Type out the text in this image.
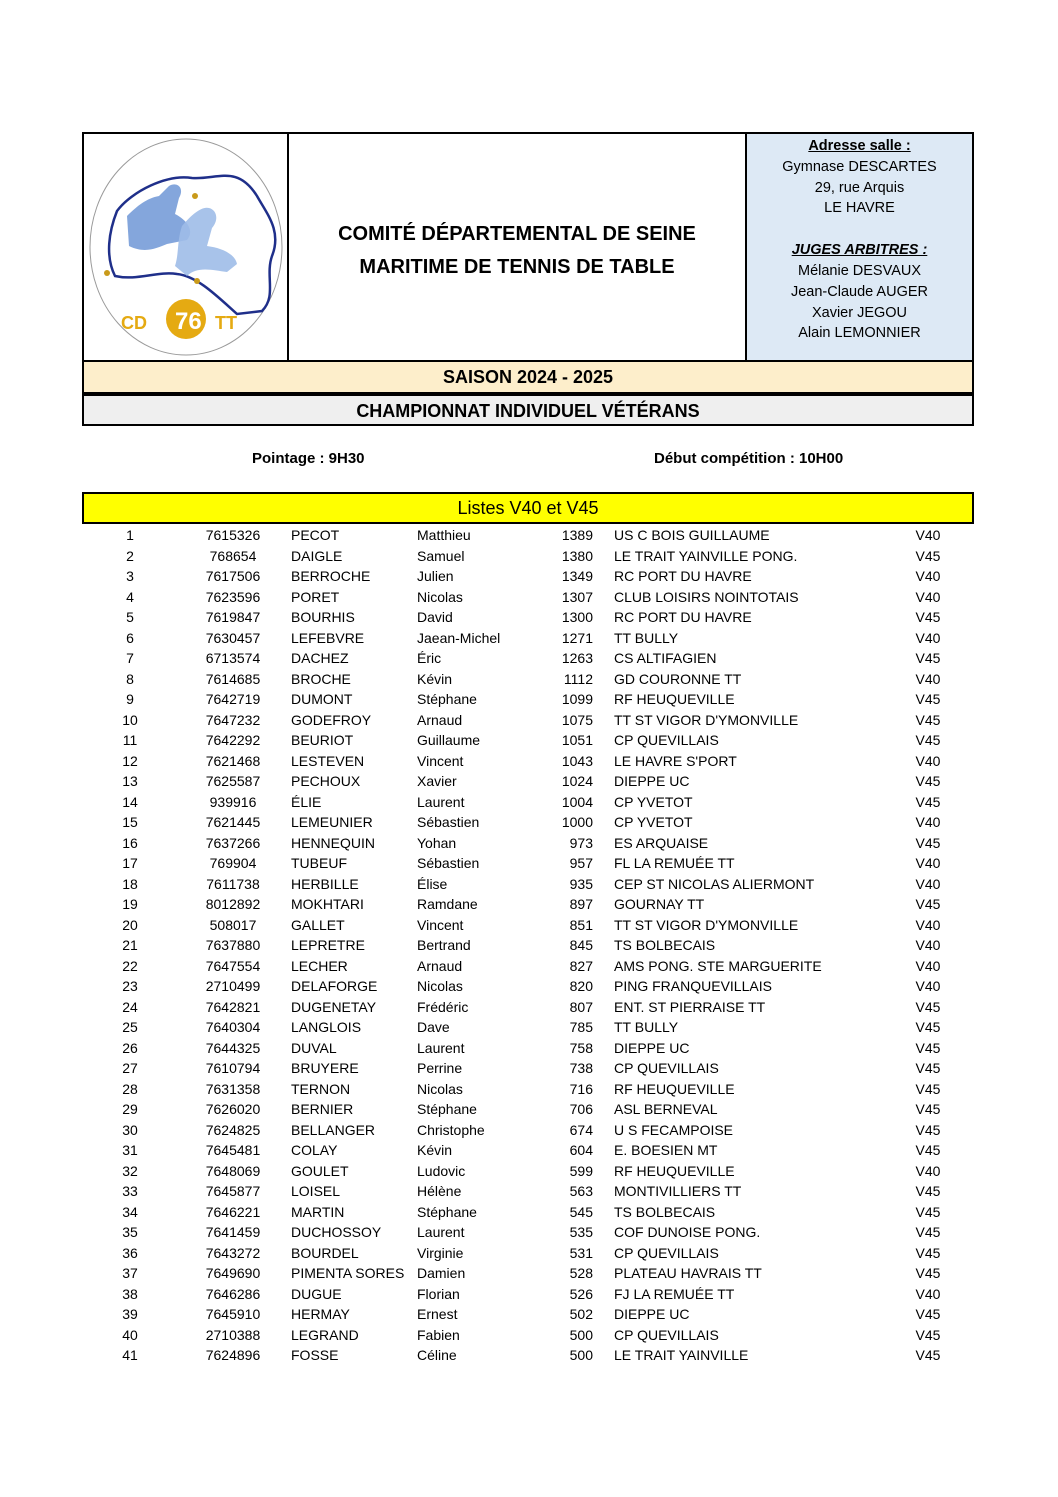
CD 76 TT
COMITÉ DÉPARTEMENTAL DE SEINE
MARITIME DE TENNIS DE TABLE
Adresse salle :
Gymnase DESCARTES
29, rue Arquis
LE HAVRE
JUGES ARBITRES :
Mélanie DESVAUX
Jean-Claude AUGER
Xavier JEGOU
Alain LEMONNIER
SAISON 2024 - 2025
CHAMPIONNAT INDIVIDUEL VÉTÉRANS
Pointage : 9H30	Début compétition : 10H00
Listes V40 et V45
1	7615326	PECOT	Matthieu	1389 US C BOIS GUILLAUME	V40
2	768654	DAIGLE	Samuel	1380 LE TRAIT YAINVILLE PONG.	V45
3	7617506	BERROCHE	Julien	1349 RC PORT DU HAVRE	V40
4	7623596	PORET	Nicolas	1307 CLUB LOISIRS NOINTOTAIS	V40
5	7619847	BOURHIS	David	1300 RC PORT DU HAVRE	V45
6	7630457	LEFEBVRE	Jaean-Michel	1271 TT BULLY	V40
7	6713574	DACHEZ	Éric	1263 CS ALTIFAGIEN	V45
8	7614685	BROCHE	Kévin	1112 GD COURONNE TT	V40
9	7642719	DUMONT	Stéphane	1099 RF HEUQUEVILLE	V45
10	7647232	GODEFROY	Arnaud	1075 TT ST VIGOR D'YMONVILLE	V45
11	7642292	BEURIOT	Guillaume	1051 CP QUEVILLAIS	V45
12	7621468	LESTEVEN	Vincent	1043 LE HAVRE S'PORT	V40
13	7625587	PECHOUX	Xavier	1024 DIEPPE UC	V45
14	939916	ÉLIE	Laurent	1004 CP YVETOT	V45
15	7621445	LEMEUNIER	Sébastien	1000 CP YVETOT	V40
16	7637266	HENNEQUIN	Yohan	973 ES ARQUAISE	V45
17	769904	TUBEUF	Sébastien	957 FL LA REMUÉE TT	V40
18	7611738	HERBILLE	Élise	935 CEP ST NICOLAS ALIERMONT	V40
19	8012892	MOKHTARI	Ramdane	897 GOURNAY TT	V45
20	508017	GALLET	Vincent	851 TT ST VIGOR D'YMONVILLE	V40
21	7637880	LEPRETRE	Bertrand	845 TS BOLBECAIS	V40
22	7647554	LECHER	Arnaud	827 AMS PONG. STE MARGUERITE	V40
23	2710499	DELAFORGE	Nicolas	820 PING FRANQUEVILLAIS	V40
24	7642821	DUGENETAY	Frédéric	807 ENT. ST PIERRAISE TT	V45
25	7640304	LANGLOIS	Dave	785 TT BULLY	V45
26	7644325	DUVAL	Laurent	758 DIEPPE UC	V45
27	7610794	BRUYERE	Perrine	738 CP QUEVILLAIS	V45
28	7631358	TERNON	Nicolas	716 RF HEUQUEVILLE	V45
29	7626020	BERNIER	Stéphane	706 ASL BERNEVAL	V45
30	7624825	BELLANGER	Christophe	674 U S FECAMPOISE	V45
31	7645481	COLAY	Kévin	604 E. BOESIEN MT	V45
32	7648069	GOULET	Ludovic	599 RF HEUQUEVILLE	V40
33	7645877	LOISEL	Hélène	563 MONTIVILLIERS TT	V45
34	7646221	MARTIN	Stéphane	545 TS BOLBECAIS	V45
35	7641459	DUCHOSSOY	Laurent	535 COF DUNOISE PONG.	V45
36	7643272	BOURDEL	Virginie	531 CP QUEVILLAIS	V45
37	7649690	PIMENTA SORES Damien	528 PLATEAU HAVRAIS TT	V45
38	7646286	DUGUE	Florian	526 FJ LA REMUÉE TT	V40
39	7645910	HERMAY	Ernest	502 DIEPPE UC	V45
40	2710388	LEGRAND	Fabien	500 CP QUEVILLAIS	V45
41	7624896	FOSSE	Céline	500 LE TRAIT YAINVILLE	V45
